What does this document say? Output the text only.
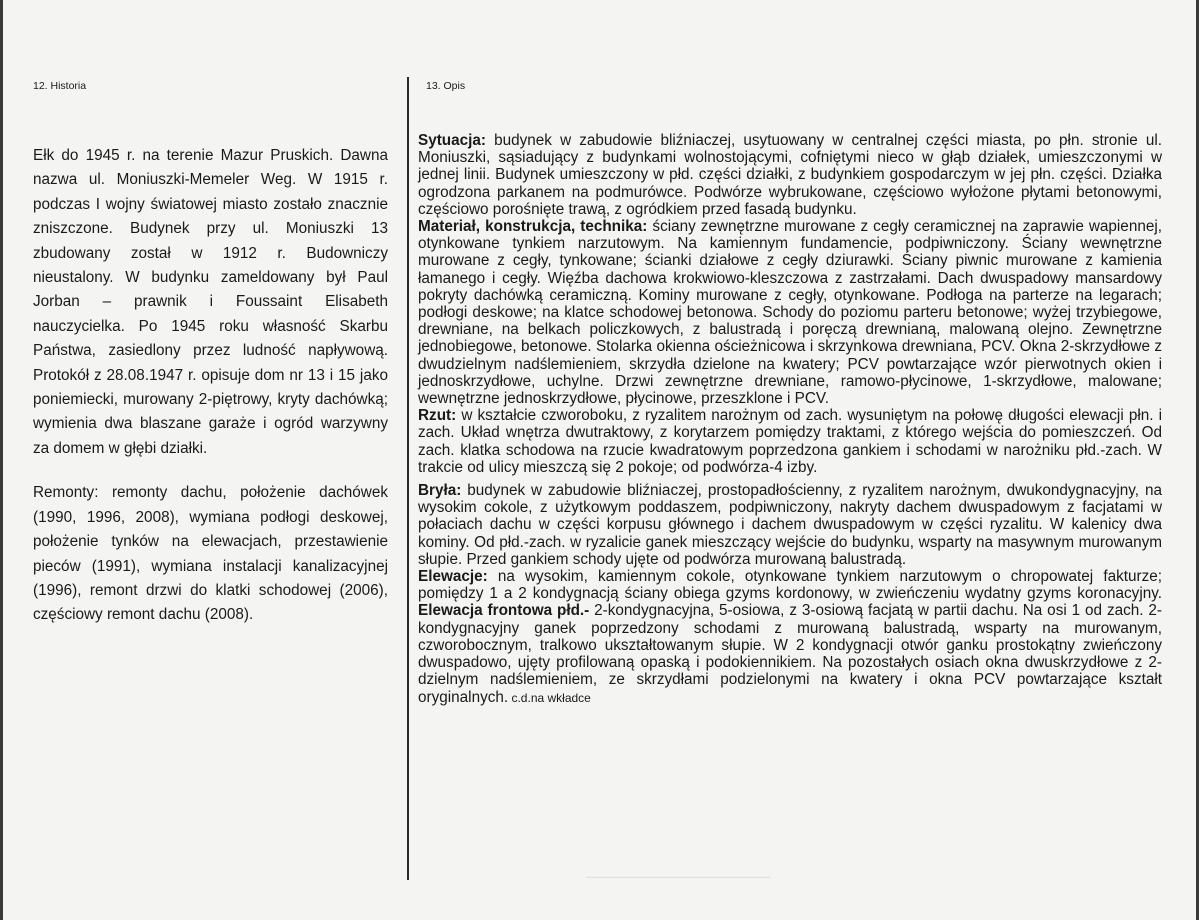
12. Historia	13. Opis

Ełk do 1945 r. na terenie Mazur Pruskich. Dawna nazwa ul. Moniuszki-Memeler Weg. W 1915 r. podczas I wojny światowej miasto zostało znacznie zniszczone. Budynek przy ul. Moniuszki 13 zbudowany został w 1912 r. Budowniczy nieustalony. W budynku zameldowany był Paul Jorban – prawnik i Foussaint Elisabeth nauczycielka. Po 1945 roku własność Skarbu Państwa, zasiedlony przez ludność napływową. Protokół z 28.08.1947 r. opisuje dom nr 13 i 15 jako poniemiecki, murowany 2-piętrowy, kryty dachówką; wymienia dwa blaszane garaże i ogród warzywny za domem w głębi działki.

Remonty: remonty dachu, położenie dachówek (1990, 1996, 2008), wymiana podłogi deskowej, położenie tynków na elewacjach, przestawienie pieców (1991), wymiana instalacji kanalizacyjnej (1996), remont drzwi do klatki schodowej (2006), częściowy remont dachu (2008).

Sytuacja: budynek w zabudowie bliźniaczej, usytuowany w centralnej części miasta, po płn. stronie ul. Moniuszki, sąsiadujący z budynkami wolnostojącymi, cofniętymi nieco w głąb działek, umieszczonymi w jednej linii. Budynek umieszczony w płd. części działki, z budynkiem gospodarczym w jej płn. części. Działka ogrodzona parkanem na podmurówce. Podwórze wybrukowane, częściowo wyłożone płytami betonowymi, częściowo porośnięte trawą, z ogródkiem przed fasadą budynku.

Materiał, konstrukcja, technika: ściany zewnętrzne murowane z cegły ceramicznej na zaprawie wapiennej, otynkowane tynkiem narzutowym. Na kamiennym fundamencie, podpiwniczony. Ściany wewnętrzne murowane z cegły, tynkowane; ścianki działowe z cegły dziurawki. Ściany piwnic murowane z kamienia łamanego i cegły. Więźba dachowa krokwiowo-kleszczowa z zastrzałami. Dach dwuspadowy mansardowy pokryty dachówką ceramiczną. Kominy murowane z cegły, otynkowane. Podłoga na parterze na legarach; podłogi deskowe; na klatce schodowej betonowa. Schody do poziomu parteru betonowe; wyżej trzybiegowe, drewniane, na belkach policzkowych, z balustradą i poręczą drewnianą, malowaną olejno. Zewnętrzne jednobiegowe, betonowe. Stolarka okienna ościeżnicowa i skrzynkowa drewniana, PCV. Okna 2-skrzydłowe z dwudzielnym nadślemieniem, skrzydła dzielone na kwatery; PCV powtarzające wzór pierwotnych okien i jednoskrzydłowe, uchylne. Drzwi zewnętrzne drewniane, ramowo-płycinowe, 1-skrzydłowe, malowane; wewnętrzne jednoskrzydłowe, płycinowe, przeszklone i PCV.

Rzut: w kształcie czworoboku, z ryzalitem narożnym od zach. wysuniętym na połowę długości elewacji płn. i zach. Układ wnętrza dwutraktowy, z korytarzem pomiędzy traktami, z którego wejścia do pomieszczeń. Od zach. klatka schodowa na rzucie kwadratowym poprzedzona gankiem i schodami w narożniku płd.-zach. W trakcie od ulicy mieszczą się 2 pokoje; od podwórza-4 izby.

Bryła: budynek w zabudowie bliźniaczej, prostopadłościenny, z ryzalitem narożnym, dwukondygnacyjny, na wysokim cokole, z użytkowym poddaszem, podpiwniczony, nakryty dachem dwuspadowym z facjatami w połaciach dachu w części korpusu głównego i dachem dwuspadowym w części ryzalitu. W kalenicy dwa kominy. Od płd.-zach. w ryzalicie ganek mieszczący wejście do budynku, wsparty na masywnym murowanym słupie. Przed gankiem schody ujęte od podwórza murowaną balustradą.

Elewacje: na wysokim, kamiennym cokole, otynkowane tynkiem narzutowym o chropowatej fakturze; pomiędzy 1 a 2 kondygnacją ściany obiega gzyms kordonowy, w zwieńczeniu wydatny gzyms koronacyjny. Elewacja frontowa płd.- 2-kondygnacyjna, 5-osiowa, z 3-osiową facjatą w partii dachu. Na osi 1 od zach. 2-kondygnacyjny ganek poprzedzony schodami z murowaną balustradą, wsparty na murowanym, czworobocznym, tralkowo ukształtowanym słupie. W 2 kondygnacji otwór ganku prostokątny zwieńczony dwuspadowo, ujęty profilowaną opaską i podokiennikiem. Na pozostałych osiach okna dwuskrzydłowe z 2-dzielnym nadślemieniem, ze skrzydłami podzielonymi na kwatery i okna PCV powtarzające kształt oryginalnych. c.d.na wkładce

‾‾‾‾‾‾‾‾‾‾‾‾‾‾‾‾‾‾‾‾‾‾‾‾‾‾‾‾‾‾‾‾‾‾‾‾‾‾‾‾‾‾‾‾‾‾
